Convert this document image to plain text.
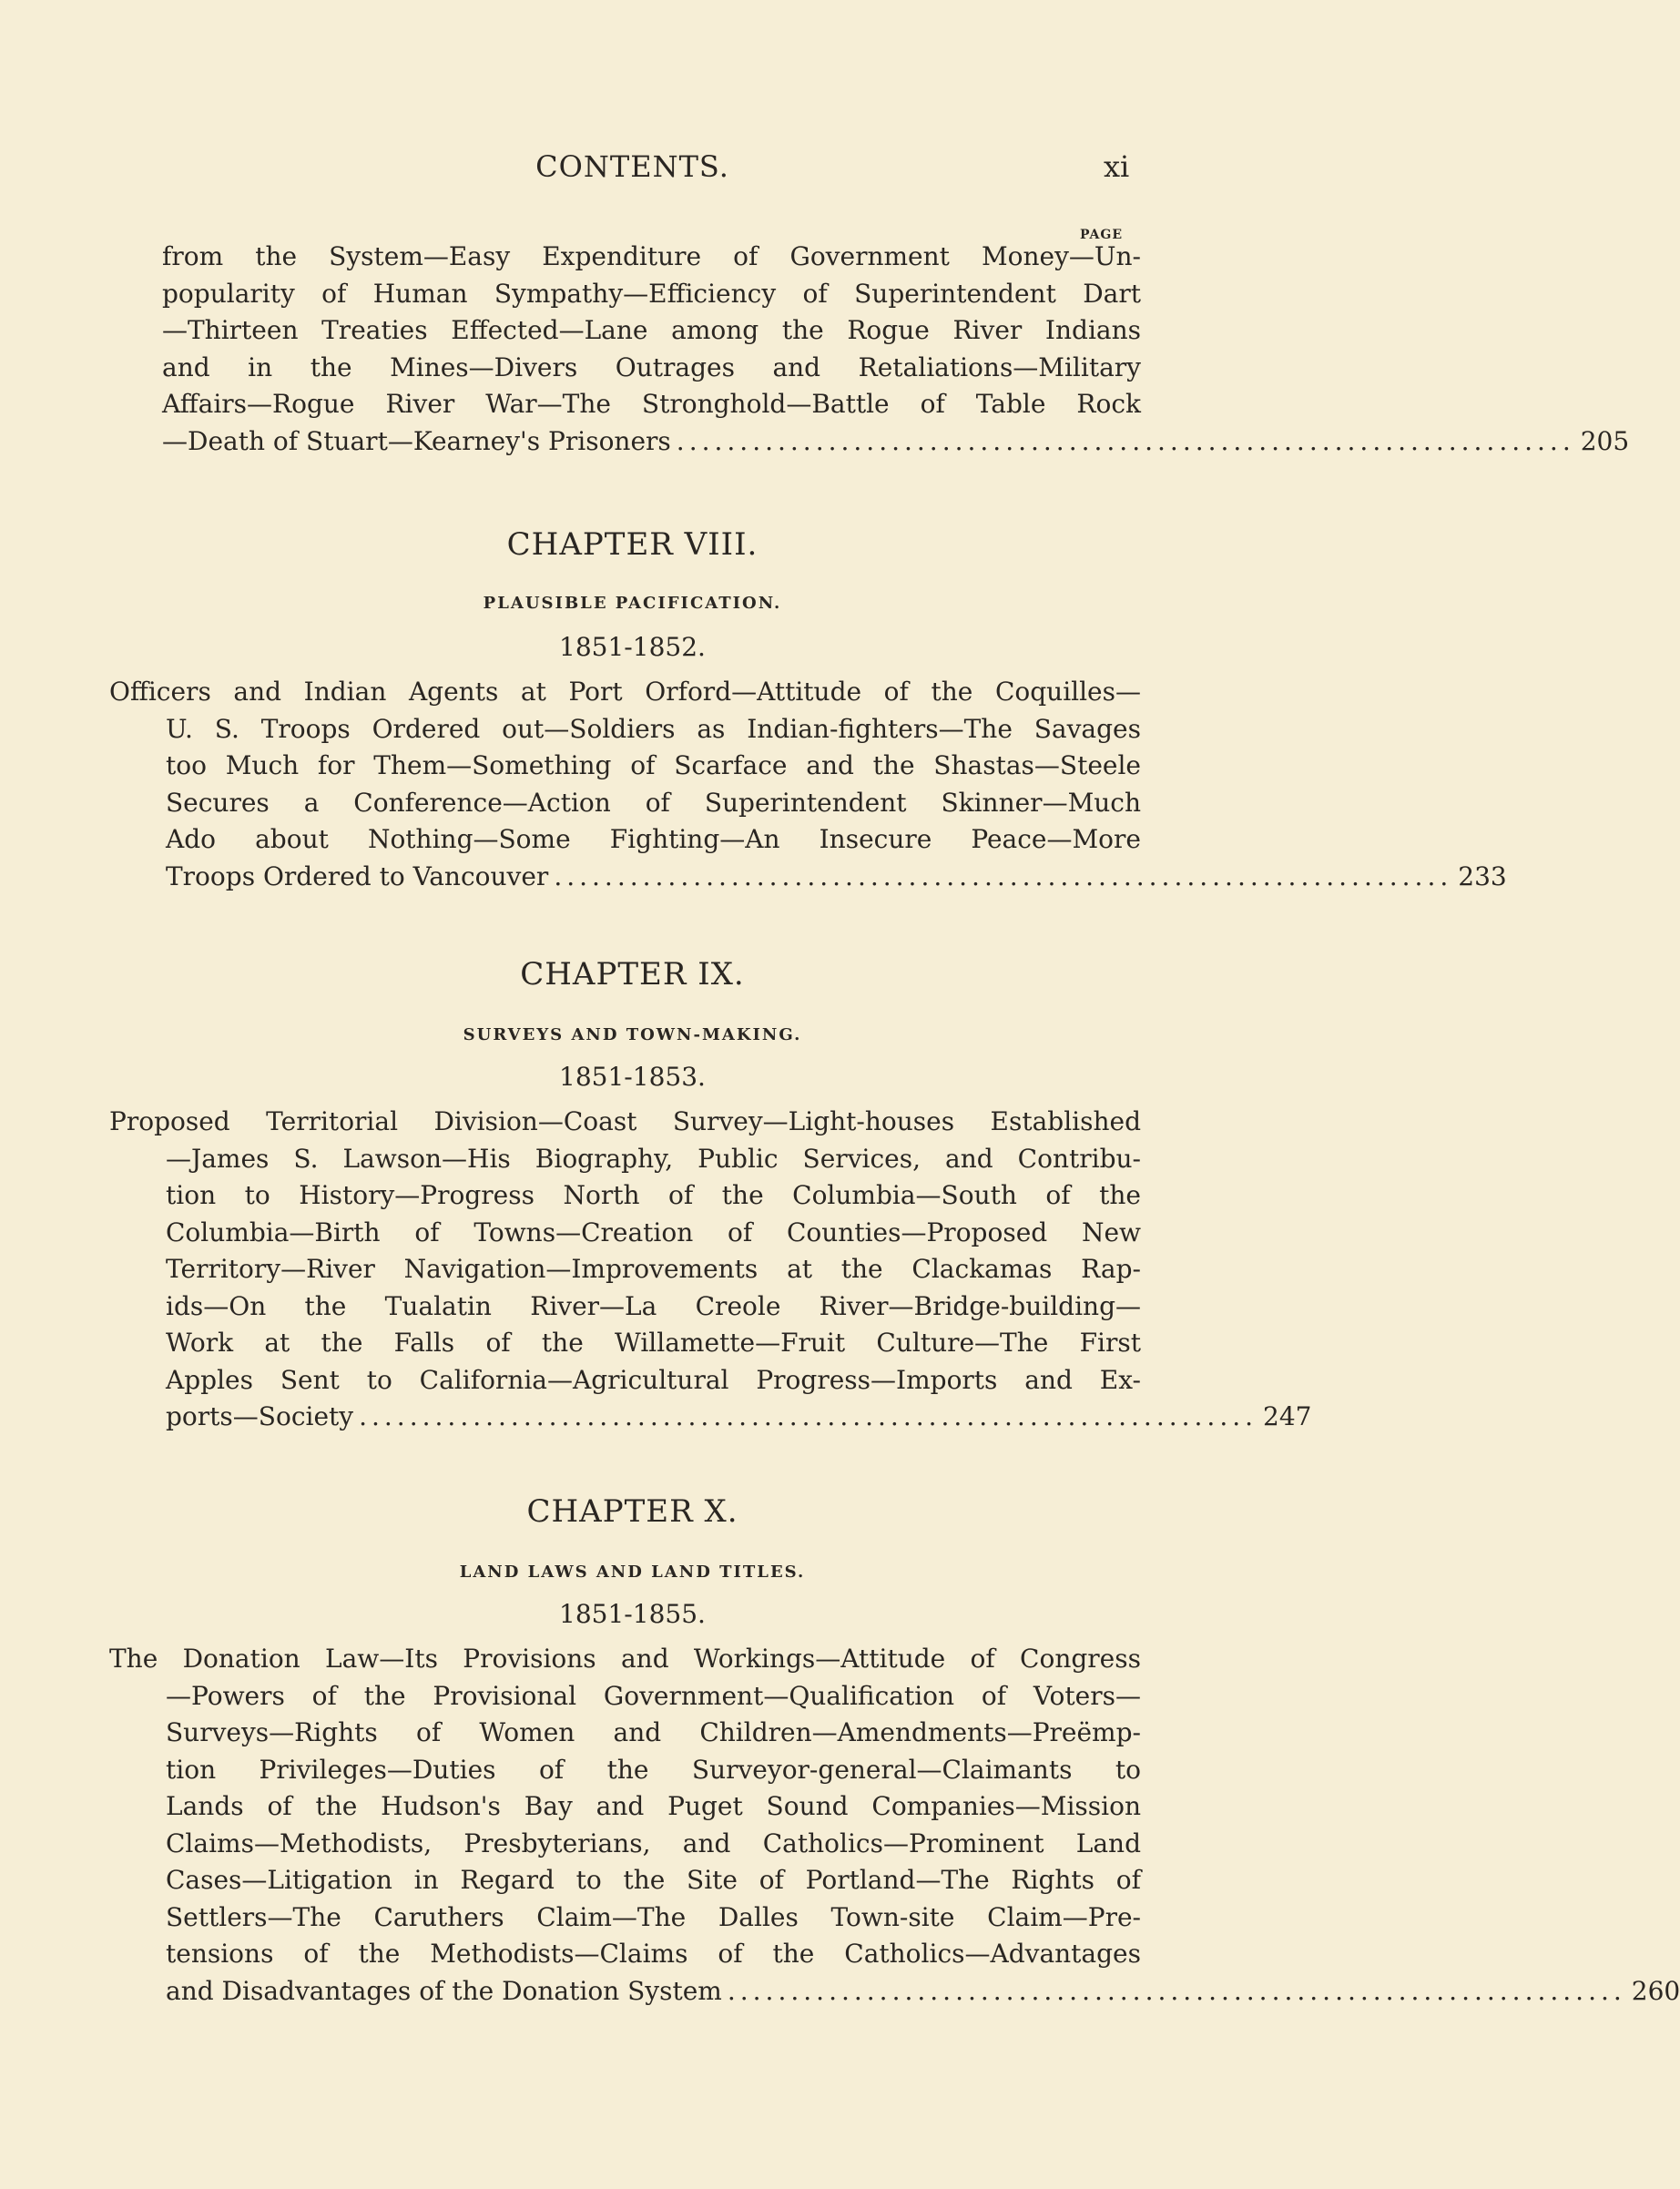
CONTENTS.	xi
PAGE
from the System—Easy Expenditure of Government Money—Un-
popularity of Human Sympathy—Efficiency of Superintendent Dart
—Thirteen Treaties Effected—Lane among the Rogue River Indians
and in the Mines—Divers Outrages and Retaliations—Military
Affairs—Rogue River War—The Stronghold—Battle of Table Rock
—Death of Stuart—Kearney's Prisoners ....................................................................... 205
CHAPTER VIII.
PLAUSIBLE PACIFICATION.
1851-1852.
Officers and Indian Agents at Port Orford—Attitude of the Coquilles—
U. S. Troops Ordered out—Soldiers as Indian-fighters—The Savages
too Much for Them—Something of Scarface and the Shastas—Steele
Secures a Conference—Action of Superintendent Skinner—Much
Ado about Nothing—Some Fighting—An Insecure Peace—More
Troops Ordered to Vancouver ....................................................................... 233
CHAPTER IX.
SURVEYS AND TOWN-MAKING.
1851-1853.
Proposed Territorial Division—Coast Survey—Light-houses Established
—James S. Lawson—His Biography, Public Services, and Contribu-
tion to History—Progress North of the Columbia—South of the
Columbia—Birth of Towns—Creation of Counties—Proposed New
Territory—River Navigation—Improvements at the Clackamas Rap-
ids—On the Tualatin River—La Creole River—Bridge-building—
Work at the Falls of the Willamette—Fruit Culture—The First
Apples Sent to California—Agricultural Progress—Imports and Ex-
ports—Society ....................................................................... 247
CHAPTER X.
LAND LAWS AND LAND TITLES.
1851-1855.
The Donation Law—Its Provisions and Workings—Attitude of Congress
—Powers of the Provisional Government—Qualification of Voters—
Surveys—Rights of Women and Children—Amendments—Preëmp-
tion Privileges—Duties of the Surveyor-general—Claimants to
Lands of the Hudson's Bay and Puget Sound Companies—Mission
Claims—Methodists, Presbyterians, and Catholics—Prominent Land
Cases—Litigation in Regard to the Site of Portland—The Rights of
Settlers—The Caruthers Claim—The Dalles Town-site Claim—Pre-
tensions of the Methodists—Claims of the Catholics—Advantages
and Disadvantages of the Donation System ....................................................................... 260
